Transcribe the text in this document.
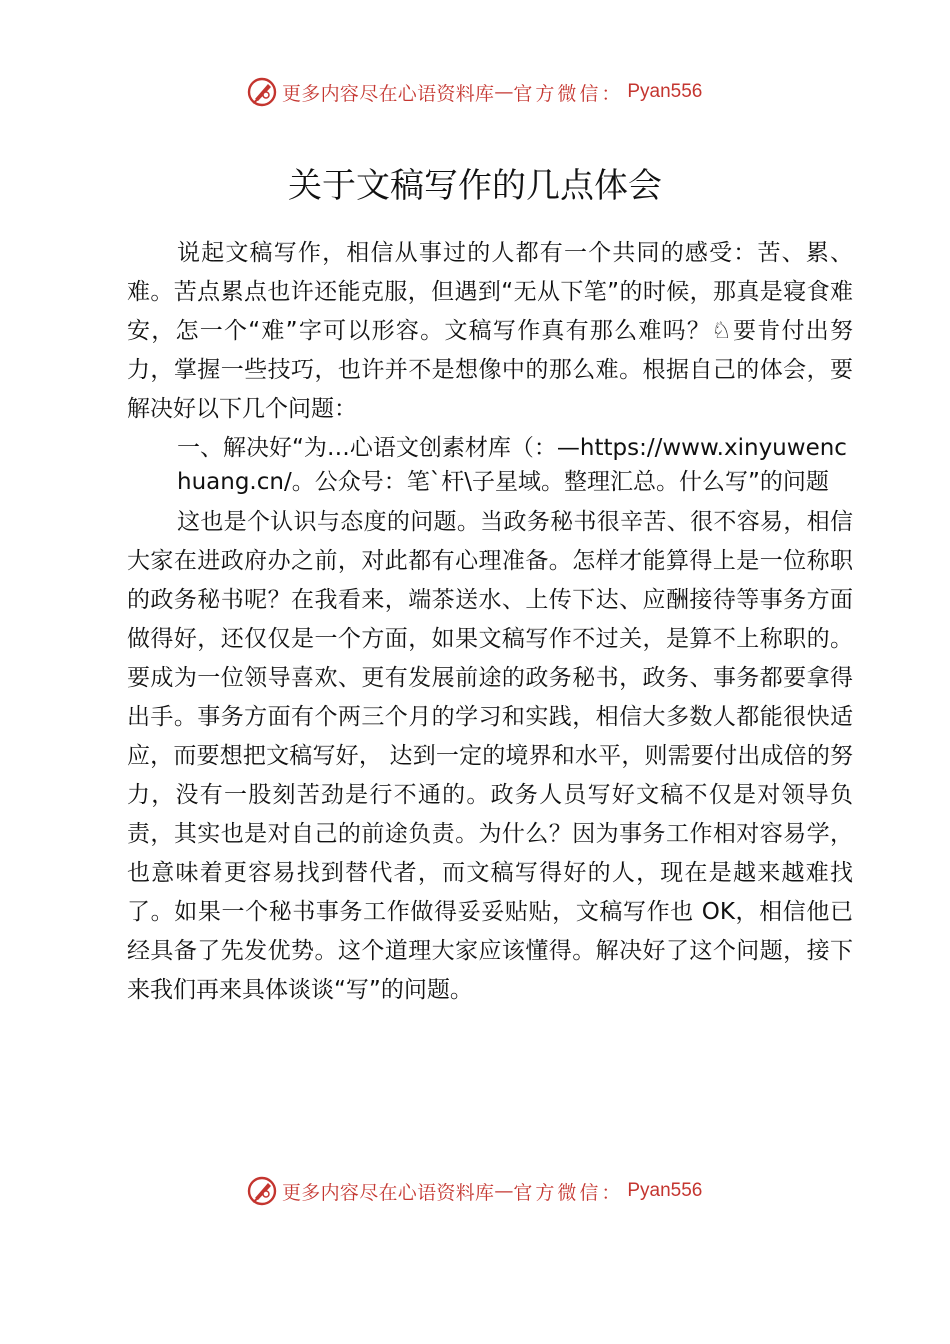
更多内容尽在心语资料库 — 官方微信： Pyan556
关于文稿写作的几点体会

说起文稿写作，相信从事过的人都有一个共同的感受：苦、累、难。苦点累点也许还能克服，但遇到“无从下笔”的时候，那真是寝食难安，怎一个“难”字可以形容。文稿写作真有那么难吗？♘要肯付出努力，掌握一些技巧，也许并不是想像中的那么难。根据自己的体会，要解决好以下几个问题：

一、解决好“为…心语文创素材库（：—https://www.xinyuwenchuang.cn/。公众号：笔`杆\子星域。整理汇总。什么写”的问题

这也是个认识与态度的问题。当政务秘书很辛苦、很不容易，相信大家在进政府办之前，对此都有心理准备。怎样才能算得上是一位称职的政务秘书呢？在我看来，端茶送水、上传下达、应酬接待等事务方面做得好，还仅仅是一个方面，如果文稿写作不过关，是算不上称职的。要成为一位领导喜欢、更有发展前途的政务秘书，政务、事务都要拿得出手。事务方面有个两三个月的学习和实践，相信大多数人都能很快适应，而要想把文稿写好， 达到一定的境界和水平，则需要付出成倍的努力，没有一股刻苦劲是行不通的。政务人员写好文稿不仅是对领导负责，其实也是对自己的前途负责。为什么？因为事务工作相对容易学，也意味着更容易找到替代者，而文稿写得好的人，现在是越来越难找了。如果一个秘书事务工作做得妥妥贴贴，文稿写作也 OK，相信他已经具备了先发优势。这个道理大家应该懂得。解决好了这个问题，接下来我们再来具体谈谈“写”的问题。

更多内容尽在心语资料库 — 官方微信： Pyan556
